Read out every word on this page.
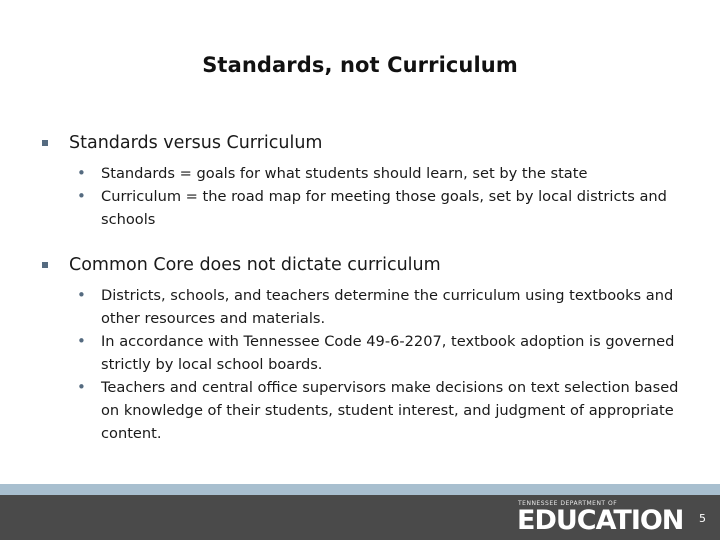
Standards, not Curriculum
Standards versus Curriculum
•	Standards = goals for what students should learn, set by the state
•	Curriculum = the road map for meeting those goals, set by local districts and schools
Common Core does not dictate curriculum
•	Districts, schools, and teachers determine the curriculum using textbooks and other resources and materials.
•	In accordance with Tennessee Code 49-6-2207, textbook adoption is governed strictly by local school boards.
•	Teachers and central office supervisors make decisions on text selection based on knowledge of their students, student interest, and judgment of appropriate content.
TENNESSEE DEPARTMENT OF
EDUCATION 5
